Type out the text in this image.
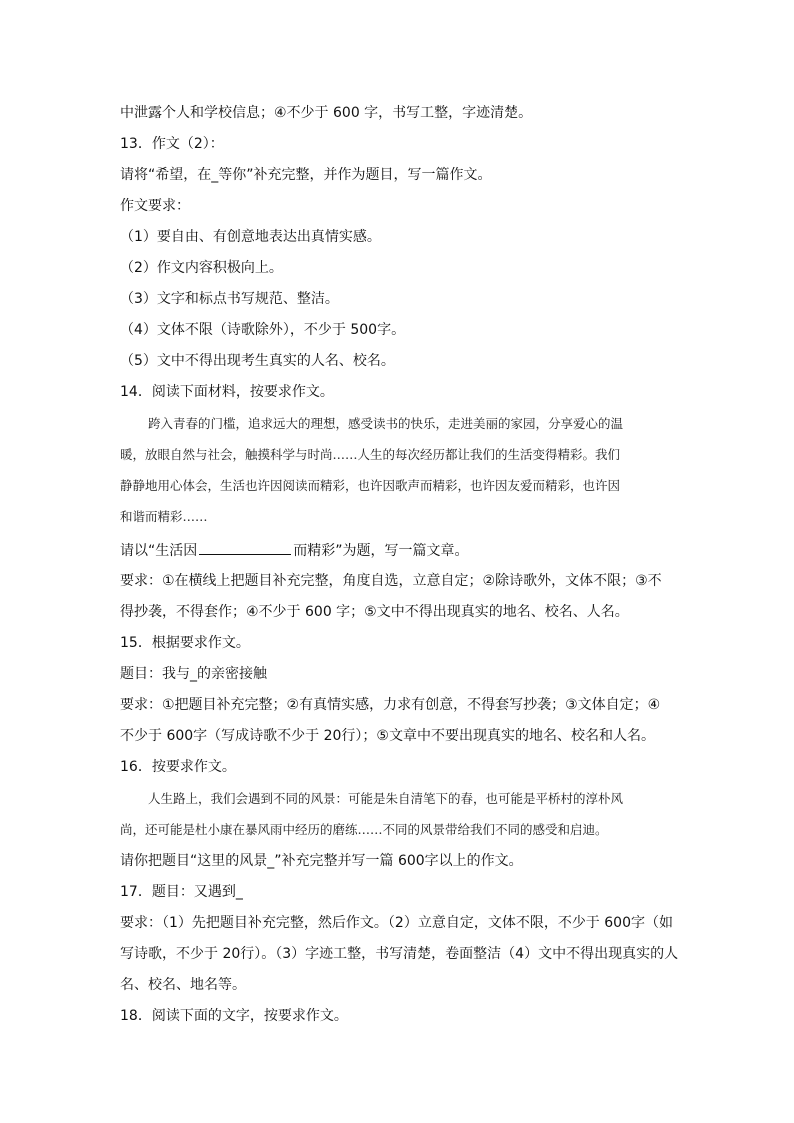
中泄露个人和学校信息；④不少于 600 字，书写工整，字迹清楚。
13．作文（2）：
请将“希望，在_等你”补充完整，并作为题目，写一篇作文。
作文要求：
（1）要自由、有创意地表达出真情实感。
（2）作文内容积极向上。
（3）文字和标点书写规范、整洁。
（4）文体不限（诗歌除外），不少于 500字。
（5）文中不得出现考生真实的人名、校名。
14．阅读下面材料，按要求作文。
跨入青春的门槛，追求远大的理想，感受读书的快乐，走进美丽的家园，分享爱心的温
暖，放眼自然与社会，触摸科学与时尚……人生的每次经历都让我们的生活变得精彩。我们
静静地用心体会，生活也许因阅读而精彩，也许因歌声而精彩，也许因友爱而精彩，也许因
和谐而精彩……
请以“生活因	而精彩”为题，写一篇文章。
要求：①在横线上把题目补充完整，角度自选，立意自定；②除诗歌外，文体不限；③不
得抄袭，不得套作；④不少于 600 字；⑤文中不得出现真实的地名、校名、人名。
15．根据要求作文。
题目：我与_的亲密接触
要求：①把题目补充完整；②有真情实感，力求有创意，不得套写抄袭；③文体自定；④
不少于 600字（写成诗歌不少于 20行）；⑤文章中不要出现真实的地名、校名和人名。
16．按要求作文。
人生路上，我们会遇到不同的风景：可能是朱自清笔下的春，也可能是平桥村的淳朴风
尚，还可能是杜小康在暴风雨中经历的磨练……不同的风景带给我们不同的感受和启迪。
请你把题目“这里的风景_”补充完整并写一篇 600字以上的作文。
17．题目：又遇到_
要求：（1）先把题目补充完整，然后作文。（2）立意自定，文体不限，不少于 600字（如
写诗歌，不少于 20行）。（3）字迹工整，书写清楚，卷面整洁（4）文中不得出现真实的人
名、校名、地名等。
18．阅读下面的文字，按要求作文。
